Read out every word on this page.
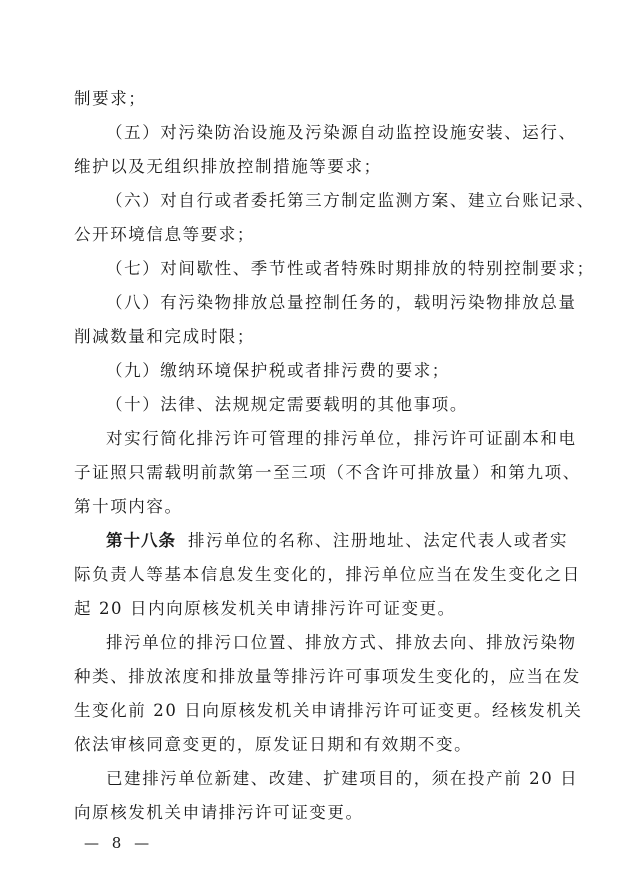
制要求；
（五）对污染防治设施及污染源自动监控设施安装、运行、
维护以及无组织排放控制措施等要求；
（六）对自行或者委托第三方制定监测方案、建立台账记录、
公开环境信息等要求；
（七）对间歇性、季节性或者特殊时期排放的特别控制要求；
（八）有污染物排放总量控制任务的，载明污染物排放总量
削减数量和完成时限；
（九）缴纳环境保护税或者排污费的要求；
（十）法律、法规规定需要载明的其他事项。
对实行简化排污许可管理的排污单位，排污许可证副本和电
子证照只需载明前款第一至三项（不含许可排放量）和第九项、
第十项内容。
第十八条 排污单位的名称、注册地址、法定代表人或者实
际负责人等基本信息发生变化的，排污单位应当在发生变化之日
起 20 日内向原核发机关申请排污许可证变更。
排污单位的排污口位置、排放方式、排放去向、排放污染物
种类、排放浓度和排放量等排污许可事项发生变化的，应当在发
生变化前 20 日向原核发机关申请排污许可证变更。经核发机关
依法审核同意变更的，原发证日期和有效期不变。
已建排污单位新建、改建、扩建项目的，须在投产前 20 日
向原核发机关申请排污许可证变更。
— 8 —
